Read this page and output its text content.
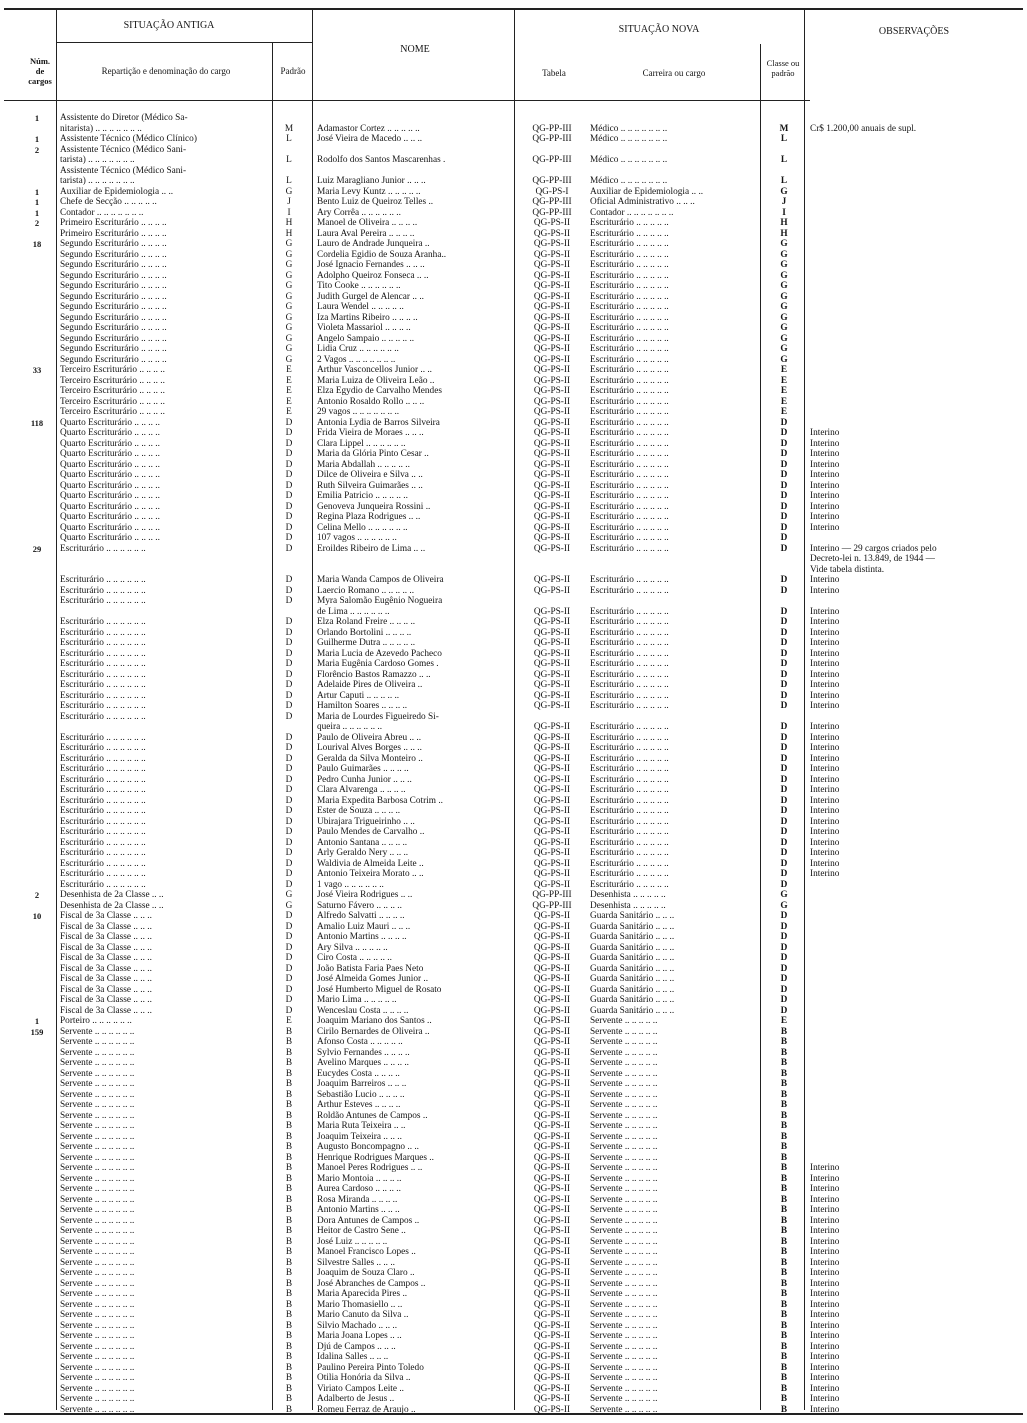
SITUAÇÃO ANTIGA	SITUAÇÃO NOVA	OBSERVAÇÕES
Núm. de cargos
Repartição e denominação do cargo	Padrão
NOME
Tabela	Carreira ou cargo
Classe ou padrão
1	Assistente do Diretor (Médico Sa-
nitarista) .. .. .. .. .. .. ..	M	Adamastor Cortez .. .. .. .. ..	QG-PP-III	Médico .. .. .. .. .. .. ..	M	Cr$ 1.200,00 anuais de supl.
1	Assistente Técnico (Médico Clínico)	L	José Vieira de Macedo .. .. ..	QG-PP-III	Médico .. .. .. .. .. .. ..	L
2	Assistente Técnico (Médico Sani-
tarista) .. .. .. .. .. .. ..	L	Rodolfo dos Santos Mascarenhas .	QG-PP-III	Médico .. .. .. .. .. .. ..	L
Assistente Técnico (Médico Sani-
tarista) .. .. .. .. .. .. ..	L	Luiz Maragliano Junior .. .. ..	QG-PP-III	Médico .. .. .. .. .. .. ..	L
1	Auxiliar de Epidemiologia .. ..	G	Maria Levy Kuntz .. .. .. .. ..	QG-PS-I	Auxiliar de Epidemiologia .. ..	G
1	Chefe de Secção .. .. .. .. ..	J	Bento Luiz de Queiroz Telles ..	QG-PP-III	Oficial Administrativo .. .. ..	J
1	Contador .. .. .. .. .. .. ..	I	Ary Corrêa .. .. .. .. .. ..	QG-PP-III	Contador .. .. .. .. .. .. ..	I
2	Primeiro Escriturário .. .. .. ..	H	Manoel de Oliveira .. .. .. ..	QG-PS-II	Escriturário .. .. .. .. ..	H
Primeiro Escriturário .. .. .. ..	H	Laura Aval Pereira .. .. .. ..	QG-PS-II	Escriturário .. .. .. .. ..	H
18 Segundo Escriturário .. .. .. ..	G	Lauro de Andrade Junqueira ..	QG-PS-II	Escriturário .. .. .. .. ..	G
Segundo Escriturário .. .. .. ..	G	Cordelia Egidio de Souza Aranha..	QG-PS-II	Escriturário .. .. .. .. ..	G
Segundo Escriturário .. .. .. ..	G	José Ignacio Fernandes .. .. ..	QG-PS-II	Escriturário .. .. .. .. ..	G
Segundo Escriturário .. .. .. ..	G	Adolpho Queiroz Fonseca .. ..	QG-PS-II	Escriturário .. .. .. .. ..	G
Segundo Escriturário .. .. .. ..	G	Tito Cooke .. .. .. .. .. ..	QG-PS-II	Escriturário .. .. .. .. ..	G
Segundo Escriturário .. .. .. ..	G	Judith Gurgel de Alencar .. ..	QG-PS-II	Escriturário .. .. .. .. ..	G
Segundo Escriturário .. .. .. ..	G	Laura Wendel .. .. .. .. ..	QG-PS-II	Escriturário .. .. .. .. ..	G
Segundo Escriturário .. .. .. ..	G	Iza Martins Ribeiro .. .. .. ..	QG-PS-II	Escriturário .. .. .. .. ..	G
Segundo Escriturário .. .. .. ..	G	Violeta Massariol .. .. .. ..	QG-PS-II	Escriturário .. .. .. .. ..	G
Segundo Escriturário .. .. .. ..	G	Angelo Sampaio .. .. .. .. ..	QG-PS-II	Escriturário .. .. .. .. ..	G
Segundo Escriturário .. .. .. ..	G	Lidia Cruz .. .. .. .. .. ..	QG-PS-II	Escriturário .. .. .. .. ..	G
Segundo Escriturário .. .. .. ..	G	2 Vagos .. .. .. .. .. .. ..	QG-PS-II	Escriturário .. .. .. .. ..	G
33 Terceiro Escriturário .. .. .. ..	E	Arthur Vasconcellos Junior .. ..	QG-PS-II	Escriturário .. .. .. .. ..	E
Terceiro Escriturário .. .. .. ..	E	Maria Luiza de Oliveira Leão ..	QG-PS-II	Escriturário .. .. .. .. ..	E
Terceiro Escriturário .. .. .. ..	E	Elza Egydio de Carvalho Mendes	QG-PS-II	Escriturário .. .. .. .. ..	E
Terceiro Escriturário .. .. .. ..	E	Antonio Rosaldo Rollo .. .. ..	QG-PS-II	Escriturário .. .. .. .. ..	E
Terceiro Escriturário .. .. .. ..	E	29 vagos .. .. .. .. .. .. ..	QG-PS-II	Escriturário .. .. .. .. ..	E
118 Quarto Escriturário .. .. .. ..	D	Antonia Lydia de Barros Silveira	QG-PS-II	Escriturário .. .. .. .. ..	D
Quarto Escriturário .. .. .. ..	D	Frida Vieira de Moraes .. .. ..	QG-PS-II	Escriturário .. .. .. .. ..	D	Interino
Quarto Escriturário .. .. .. ..	D	Clara Lippel .. .. .. .. .. ..	QG-PS-II	Escriturário .. .. .. .. ..	D	Interino
Quarto Escriturário .. .. .. ..	D	Maria da Glória Pinto Cesar ..	QG-PS-II	Escriturário .. .. .. .. ..	D	Interino
Quarto Escriturário .. .. .. ..	D	Maria Abdallah .. .. .. .. ..	QG-PS-II	Escriturário .. .. .. .. ..	D	Interino
Quarto Escriturário .. .. .. ..	D	Dilce de Oliveira e Silva .. ..	QG-PS-II	Escriturário .. .. .. .. ..	D	Interino
Quarto Escriturário .. .. .. ..	D	Ruth Silveira Guimarães .. ..	QG-PS-II	Escriturário .. .. .. .. ..	D	Interino
Quarto Escriturário .. .. .. ..	D	Emilia Patricio .. .. .. .. ..	QG-PS-II	Escriturário .. .. .. .. ..	D	Interino
Quarto Escriturário .. .. .. ..	D	Genoveva Junqueira Rossini ..	QG-PS-II	Escriturário .. .. .. .. ..	D	Interino
Quarto Escriturário .. .. .. ..	D	Regina Plaza Rodrigues .. ..	QG-PS-II	Escriturário .. .. .. .. ..	D	Interino
Quarto Escriturário .. .. .. ..	D	Celina Mello .. .. .. .. .. ..	QG-PS-II	Escriturário .. .. .. .. ..	D	Interino
Quarto Escriturário .. .. .. ..	D	107 vagos .. .. .. .. .. ..	QG-PS-II	Escriturário .. .. .. .. ..	D
29 Escriturário .. .. .. .. .. ..	D	Eroildes Ribeiro de Lima .. ..	QG-PS-II	Escriturário .. .. .. .. ..	D	Interino — 29 cargos criados pelo
Decreto-lei n. 13.849, de 1944 —
Vide tabela distinta.
Escriturário .. .. .. .. .. ..	D	Maria Wanda Campos de Oliveira	QG-PS-II	Escriturário .. .. .. .. ..	D	Interino
Escriturário .. .. .. .. .. ..	D	Laercio Romano .. .. .. .. ..	QG-PS-II	Escriturário .. .. .. .. ..	D	Interino
Escriturário .. .. .. .. .. ..	D	Myra Salomão Eugênio Nogueira
de Lima .. .. .. .. .. ..	QG-PS-II	Escriturário .. .. .. .. ..	D	Interino
Escriturário .. .. .. .. .. ..	D	Elza Roland Freire .. .. .. ..	QG-PS-II	Escriturário .. .. .. .. ..	D	Interino
Escriturário .. .. .. .. .. ..	D	Orlando Bortolini .. .. .. ..	QG-PS-II	Escriturário .. .. .. .. ..	D	Interino
Escriturário .. .. .. .. .. ..	D	Guilherme Dutra .. .. .. .. ..	QG-PS-II	Escriturário .. .. .. .. ..	D	Interino
Escriturário .. .. .. .. .. ..	D	Maria Lucia de Azevedo Pacheco	QG-PS-II	Escriturário .. .. .. .. ..	D	Interino
Escriturário .. .. .. .. .. ..	D	Maria Eugênia Cardoso Gomes .	QG-PS-II	Escriturário .. .. .. .. ..	D	Interino
Escriturário .. .. .. .. .. ..	D	Florêncio Bastos Ramazzo .. ..	QG-PS-II	Escriturário .. .. .. .. ..	D	Interino
Escriturário .. .. .. .. .. ..	D	Adelaide Pires de Oliveira ..	QG-PS-II	Escriturário .. .. .. .. ..	D	Interino
Escriturário .. .. .. .. .. ..	D	Artur Caputi .. .. .. .. ..	QG-PS-II	Escriturário .. .. .. .. ..	D	Interino
Escriturário .. .. .. .. .. ..	D	Hamilton Soares .. .. .. ..	QG-PS-II	Escriturário .. .. .. .. ..	D	Interino
Escriturário .. .. .. .. .. ..	D	Maria de Lourdes Figueiredo Si-
queira .. .. .. .. .. ..	QG-PS-II	Escriturário .. .. .. .. ..	D	Interino
Escriturário .. .. .. .. .. ..	D	Paulo de Oliveira Abreu .. ..	QG-PS-II	Escriturário .. .. .. .. ..	D	Interino
Escriturário .. .. .. .. .. ..	D	Lourival Alves Borges .. .. ..	QG-PS-II	Escriturário .. .. .. .. ..	D	Interino
Escriturário .. .. .. .. .. ..	D	Geralda da Silva Monteiro ..	QG-PS-II	Escriturário .. .. .. .. ..	D	Interino
Escriturário .. .. .. .. .. ..	D	Paulo Guimarães .. .. .. ..	QG-PS-II	Escriturário .. .. .. .. ..	D	Interino
Escriturário .. .. .. .. .. ..	D	Pedro Cunha Junior .. .. ..	QG-PS-II	Escriturário .. .. .. .. ..	D	Interino
Escriturário .. .. .. .. .. ..	D	Clara Alvarenga .. .. .. ..	QG-PS-II	Escriturário .. .. .. .. ..	D	Interino
Escriturário .. .. .. .. .. ..	D	Maria Expedita Barbosa Cotrim ..	QG-PS-II	Escriturário .. .. .. .. ..	D	Interino
Escriturário .. .. .. .. .. ..	D	Ester de Souza .. .. .. ..	QG-PS-II	Escriturário .. .. .. .. ..	D	Interino
Escriturário .. .. .. .. .. ..	D	Ubirajara Trigueirinho .. ..	QG-PS-II	Escriturário .. .. .. .. ..	D	Interino
Escriturário .. .. .. .. .. ..	D	Paulo Mendes de Carvalho ..	QG-PS-II	Escriturário .. .. .. .. ..	D	Interino
Escriturário .. .. .. .. .. ..	D	Antonio Santana .. .. .. ..	QG-PS-II	Escriturário .. .. .. .. ..	D	Interino
Escriturário .. .. .. .. .. ..	D	Arly Geraldo Nery .. .. ..	QG-PS-II	Escriturário .. .. .. .. ..	D	Interino
Escriturário .. .. .. .. .. ..	D	Waldivia de Almeida Leite ..	QG-PS-II	Escriturário .. .. .. .. ..	D	Interino
Escriturário .. .. .. .. .. ..	D	Antonio Teixeira Morato .. ..	QG-PS-II	Escriturário .. .. .. .. ..	D	Interino
Escriturário .. .. .. .. .. ..	D	1 vago .. .. .. .. .. ..	QG-PS-II	Escriturário .. .. .. .. ..	D
2	Desenhista de 2a Classe .. ..	G	José Vieira Rodrigues .. ..	QG-PP-III	Desenhista .. .. .. .. ..	G
Desenhista de 2a Classe .. ..	G	Saturno Fávero .. .. .. ..	QG-PP-III	Desenhista .. .. .. .. ..	G
10 Fiscal de 3a Classe .. .. ..	D	Alfredo Salvatti .. .. .. ..	QG-PS-II	Guarda Sanitário .. .. ..	D
Fiscal de 3a Classe .. .. ..	D	Amalio Luiz Mauri .. .. ..	QG-PS-II	Guarda Sanitário .. .. ..	D
Fiscal de 3a Classe .. .. ..	D	Antonio Martins .. .. .. ..	QG-PS-II	Guarda Sanitário .. .. ..	D
Fiscal de 3a Classe .. .. ..	D	Ary Silva .. .. .. .. ..	QG-PS-II	Guarda Sanitário .. .. ..	D
Fiscal de 3a Classe .. .. ..	D	Ciro Costa .. .. .. .. ..	QG-PS-II	Guarda Sanitário .. .. ..	D
Fiscal de 3a Classe .. .. ..	D	João Batista Faria Paes Neto	QG-PS-II	Guarda Sanitário .. .. ..	D
Fiscal de 3a Classe .. .. ..	D	José Almeida Gomes Junior ..	QG-PS-II	Guarda Sanitário .. .. ..	D
Fiscal de 3a Classe .. .. ..	D	José Humberto Miguel de Rosato	QG-PS-II	Guarda Sanitário .. .. ..	D
Fiscal de 3a Classe .. .. ..	D	Mario Lima .. .. .. .. ..	QG-PS-II	Guarda Sanitário .. .. ..	D
Fiscal de 3a Classe .. .. ..	D	Wenceslau Costa .. .. .. ..	QG-PS-II	Guarda Sanitário .. .. ..	D
1	Porteiro .. .. .. .. .. ..	E	Joaquim Mariano dos Santos ..	QG-PS-II	Servente .. .. .. .. ..	E
159 Servente .. .. .. .. .. ..	B	Cirilo Bernardes de Oliveira ..	QG-PS-II	Servente .. .. .. .. ..	B
Servente .. .. .. .. .. ..	B	Afonso Costa .. .. .. .. ..	QG-PS-II	Servente .. .. .. .. ..	B
Servente .. .. .. .. .. ..	B	Sylvio Fernandes .. .. .. ..	QG-PS-II	Servente .. .. .. .. ..	B
Servente .. .. .. .. .. ..	B	Avelino Marques .. .. .. ..	QG-PS-II	Servente .. .. .. .. ..	B
Servente .. .. .. .. .. ..	B	Eucydes Costa .. .. .. ..	QG-PS-II	Servente .. .. .. .. ..	B
Servente .. .. .. .. .. ..	B	Joaquim Barreiros .. .. ..	QG-PS-II	Servente .. .. .. .. ..	B
Servente .. .. .. .. .. ..	B	Sebastião Lucio .. .. .. ..	QG-PS-II	Servente .. .. .. .. ..	B
Servente .. .. .. .. .. ..	B	Arthur Esteves .. .. .. ..	QG-PS-II	Servente .. .. .. .. ..	B
Servente .. .. .. .. .. ..	B	Roldão Antunes de Campos ..	QG-PS-II	Servente .. .. .. .. ..	B
Servente .. .. .. .. .. ..	B	Maria Ruta Teixeira .. ..	QG-PS-II	Servente .. .. .. .. ..	B
Servente .. .. .. .. .. ..	B	Joaquim Teixeira .. .. ..	QG-PS-II	Servente .. .. .. .. ..	B
Servente .. .. .. .. .. ..	B	Augusto Boncompagno .. ..	QG-PS-II	Servente .. .. .. .. ..	B
Servente .. .. .. .. .. ..	B	Henrique Rodrigues Marques ..	QG-PS-II	Servente .. .. .. .. ..	B
Servente .. .. .. .. .. ..	B	Manoel Peres Rodrigues .. ..	QG-PS-II	Servente .. .. .. .. ..	B	Interino
Servente .. .. .. .. .. ..	B	Mario Montoia .. .. .. ..	QG-PS-II	Servente .. .. .. .. ..	B	Interino
Servente .. .. .. .. .. ..	B	Aurea Cardoso .. .. .. ..	QG-PS-II	Servente .. .. .. .. ..	B	Interino
Servente .. .. .. .. .. ..	B	Rosa Miranda .. .. .. ..	QG-PS-II	Servente .. .. .. .. ..	B	Interino
Servente .. .. .. .. .. ..	B	Antonio Martins .. .. ..	QG-PS-II	Servente .. .. .. .. ..	B	Interino
Servente .. .. .. .. .. ..	B	Dora Antunes de Campos ..	QG-PS-II	Servente .. .. .. .. ..	B	Interino
Servente .. .. .. .. .. ..	B	Heitor de Castro Sene ..	QG-PS-II	Servente .. .. .. .. ..	B	Interino
Servente .. .. .. .. .. ..	B	José Luiz .. .. .. .. ..	QG-PS-II	Servente .. .. .. .. ..	B	Interino
Servente .. .. .. .. .. ..	B	Manoel Francisco Lopes ..	QG-PS-II	Servente .. .. .. .. ..	B	Interino
Servente .. .. .. .. .. ..	B	Silvestre Salles .. .. ..	QG-PS-II	Servente .. .. .. .. ..	B	Interino
Servente .. .. .. .. .. ..	B	Joaquim de Souza Claro ..	QG-PS-II	Servente .. .. .. .. ..	B	Interino
Servente .. .. .. .. .. ..	B	José Abranches de Campos ..	QG-PS-II	Servente .. .. .. .. ..	B	Interino
Servente .. .. .. .. .. ..	B	Maria Aparecida Pires ..	QG-PS-II	Servente .. .. .. .. ..	B	Interino
Servente .. .. .. .. .. ..	B	Mario Thomasiello .. ..	QG-PS-II	Servente .. .. .. .. ..	B	Interino
Servente .. .. .. .. .. ..	B	Mario Canuto da Silva ..	QG-PS-II	Servente .. .. .. .. ..	B	Interino
Servente .. .. .. .. .. ..	B	Silvio Machado .. .. ..	QG-PS-II	Servente .. .. .. .. ..	B	Interino
Servente .. .. .. .. .. ..	B	Maria Joana Lopes .. ..	QG-PS-II	Servente .. .. .. .. ..	B	Interino
Servente .. .. .. .. .. ..	B	Djú de Campos .. .. ..	QG-PS-II	Servente .. .. .. .. ..	B	Interino
Servente .. .. .. .. .. ..	B	Idalina Salles .. .. ..	QG-PS-II	Servente .. .. .. .. ..	B	Interino
Servente .. .. .. .. .. ..	B	Paulino Pereira Pinto Toledo	QG-PS-II	Servente .. .. .. .. ..	B	Interino
Servente .. .. .. .. .. ..	B	Otilia Honória da Silva ..	QG-PS-II	Servente .. .. .. .. ..	B	Interino
Servente .. .. .. .. .. ..	B	Viriato Campos Leite ..	QG-PS-II	Servente .. .. .. .. ..	B	Interino
Servente .. .. .. .. .. ..	B	Adalberto de Jesus ..	QG-PS-II	Servente .. .. .. .. ..	B	Interino
Servente .. .. .. .. .. ..	B	Romeu Ferraz de Araujo ..	QG-PS-II	Servente .. .. .. .. ..	B	Interino
